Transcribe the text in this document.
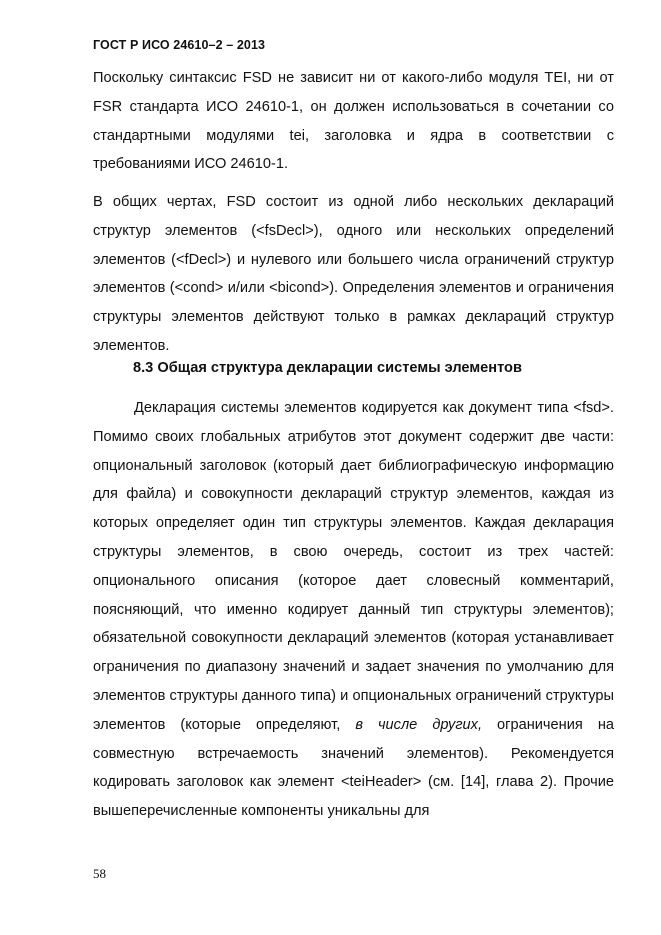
ГОСТ Р ИСО 24610–2 – 2013

Поскольку синтаксис FSD не зависит ни от какого-либо модуля TEI, ни от FSR стандарта ИСО 24610-1, он должен использоваться в сочетании со стандартными модулями tei, заголовка и ядра в соответствии с требованиями ИСО 24610-1.

В общих чертах, FSD состоит из одной либо нескольких деклараций структур элементов (<fsDecl>), одного или нескольких определений элементов (<fDecl>) и нулевого или большего числа ограничений структур элементов (<cond> и/или <bicond>). Определения элементов и ограничения структуры элементов действуют только в рамках деклараций структур элементов.

8.3 Общая структура декларации системы элементов

Декларация системы элементов кодируется как документ типа <fsd>. Помимо своих глобальных атрибутов этот документ содержит две части: опциональный заголовок (который дает библиографическую информацию для файла) и совокупности деклараций структур элементов, каждая из которых определяет один тип структуры элементов. Каждая декларация структуры элементов, в свою очередь, состоит из трех частей: опционального описания (которое дает словесный комментарий, поясняющий, что именно кодирует данный тип структуры элементов); обязательной совокупности деклараций элементов (которая устанавливает ограничения по диапазону значений и задает значения по умолчанию для элементов структуры данного типа) и опциональных ограничений структуры элементов (которые определяют, в числе других, ограничения на совместную встречаемость значений элементов). Рекомендуется кодировать заголовок как элемент <teiHeader> (см. [14], глава 2). Прочие вышеперечисленные компоненты уникальны для

58
